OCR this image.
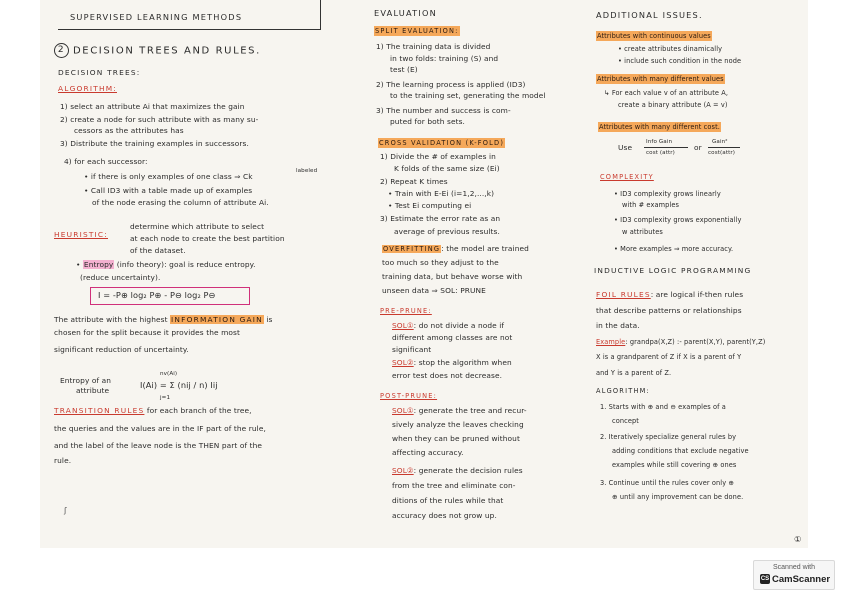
SUPERVISED LEARNING METHODS
2 DECISION TREES AND RULES.
DECISION TREES:
ALGORITHM:
1) select an attribute Ai that maximizes the gain
2) create a node for such attribute with as many su-
cessors as the attributes has
3) Distribute the training examples in successors.
4) for each successor:
labeled
• if there is only examples of one class ⇒ Ck
• Call ID3 with a table made up of examples
of the node erasing the column of attribute Ai.
HEURISTIC:
determine which attribute to select
at each node to create the best partition
of the dataset.
• Entropy (info theory): goal is reduce entropy.
(reduce uncertainty).
I = -P⊕ log₂ P⊕ - P⊖ log₂ P⊖
The attribute with the highest INFORMATION GAIN is
chosen for the split because it provides the most
significant reduction of uncertainty.
Entropy of an
attribute
nv(Ai)
I(Ai) = Σ (nij / n) Iij
j=1
TRANSITION RULES for each branch of the tree,
the queries and the values are in the IF part of the rule,
and the label of the leave node is the THEN part of the
rule.
ʃ
EVALUATION
SPLIT EVALUATION:
1) The training data is divided
in two folds: training (S) and
test (E)
2) The learning process is applied (ID3)
to the training set, generating the model
3) The number and success is com-
puted for both sets.
CROSS VALIDATION (K-FOLD)
1) Divide the # of examples in
K folds of the same size (Ei)
2) Repeat K times
• Train with E-Ei (i=1,2,...,k)
• Test Ei computing ei
3) Estimate the error rate as an
average of previous results.
OVERFITTING: the model are trained
too much so they adjust to the
training data, but behave worse with
unseen data ⇒ SOL: PRUNE
PRE-PRUNE:
SOL①: do not divide a node if
different among classes are not
significant
SOL②: stop the algorithm when
error test does not decrease.
POST-PRUNE:
SOL①: generate the tree and recur-
sively analyze the leaves checking
when they can be pruned without
affecting accuracy.
SOL②: generate the decision rules
from the tree and eliminate con-
ditions of the rules while that
accuracy does not grow up.
ADDITIONAL ISSUES.
Attributes with continuous values
• create attributes dinamically
• include such condition in the node
Attributes with many different values
↳ For each value v of an attribute A,
create a binary attribute (A = v)
Attributes with many different cost.
Use
Info Gain
cost (attr)
or
Gain²
cost(attr)
COMPLEXITY
• ID3 complexity grows linearly
with # examples
• ID3 complexity grows exponentially
w attributes
• More examples ⇒ more accuracy.
INDUCTIVE LOGIC PROGRAMMING
FOIL RULES: are logical if-then rules
that describe patterns or relationships
in the data.
Example: grandpa(X,Z) :- parent(X,Y), parent(Y,Z)
X is a grandparent of Z if X is a parent of Y
and Y is a parent of Z.
ALGORITHM:
1. Starts with ⊕ and ⊖ examples of a
concept
2. Iteratively specialize general rules by
adding conditions that exclude negative
examples while still covering ⊕ ones
3. Continue until the rules cover only ⊕
⊕ until any improvement can be done.
①
Scanned with
CS CamScanner
